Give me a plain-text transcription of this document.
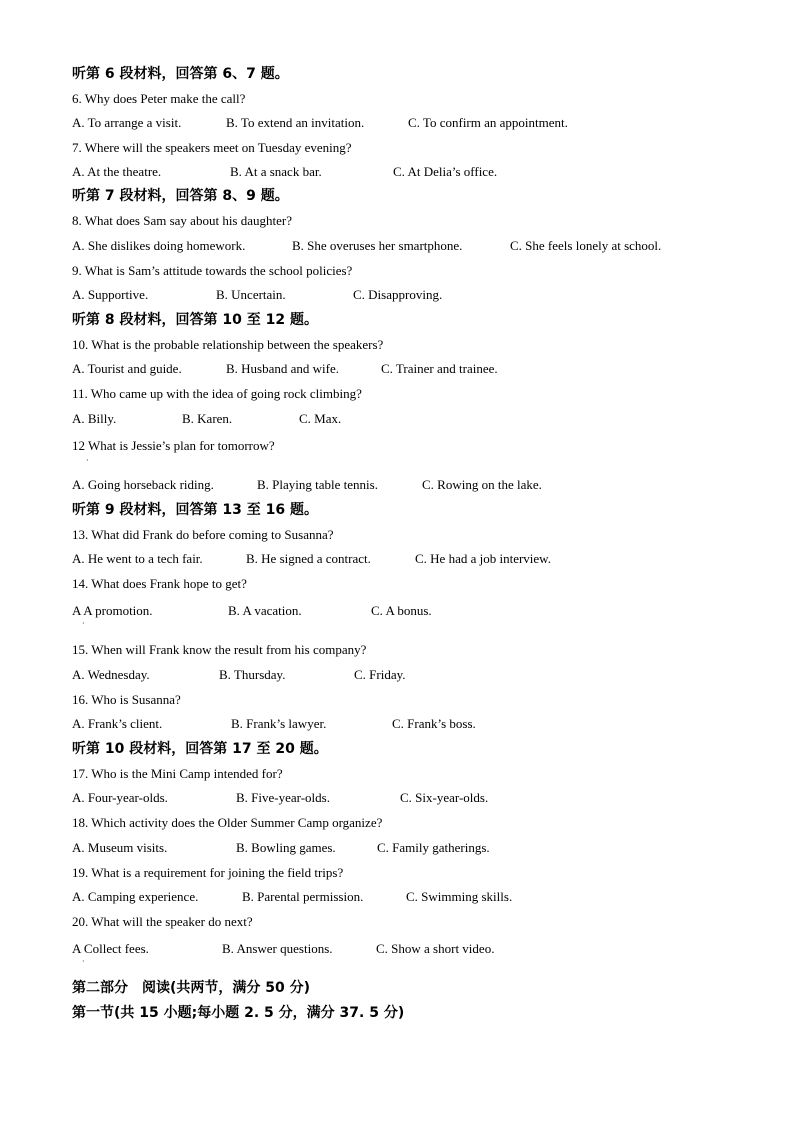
听第 6 段材料，回答第 6、7 题。
6. Why does Peter make the call?
A. To arrange a visit.	B. To extend an invitation.	C. To confirm an appointment.
7. Where will the speakers meet on Tuesday evening?
A. At the theatre.	B. At a snack bar.	C. At Delia’s office.
听第 7 段材料，回答第 8、9 题。
8. What does Sam say about his daughter?
A. She dislikes doing homework.	B. She overuses her smartphone.	C. She feels lonely at school.
9. What is Sam’s attitude towards the school policies?
A. Supportive.	B. Uncertain.	C. Disapproving.
听第 8 段材料，回答第 10 至 12 题。
10. What is the probable relationship between the speakers?
A. Tourist and guide.	B. Husband and wife.	C. Trainer and trainee.
11. Who came up with the idea of going rock climbing?
A. Billy.	B. Karen.	C. Max.
12 What is Jessie’s plan for tomorrow?
·
A. Going horseback riding.	B. Playing table tennis.	C. Rowing on the lake.
听第 9 段材料，回答第 13 至 16 题。
13. What did Frank do before coming to Susanna?
A. He went to a tech fair.	B. He signed a contract.	C. He had a job interview.
14. What does Frank hope to get?
A A promotion.
·
B. A vacation.	C. A bonus.
15. When will Frank know the result from his company?
A. Wednesday.	B. Thursday.	C. Friday.
16. Who is Susanna?
A. Frank’s client.	B. Frank’s lawyer.	C. Frank’s boss.
听第 10 段材料，回答第 17 至 20 题。
17. Who is the Mini Camp intended for?
A. Four-year-olds.	B. Five-year-olds.	C. Six-year-olds.
18. Which activity does the Older Summer Camp organize?
A. Museum visits.	B. Bowling games.	C. Family gatherings.
19. What is a requirement for joining the field trips?
A. Camping experience.	B. Parental permission.	C. Swimming skills.
20. What will the speaker do next?
A Collect fees.
·
B. Answer questions.	C. Show a short video.
第二部分　阅读(共两节，满分 50 分)
第一节(共 15 小题;每小题 2. 5 分，满分 37. 5 分)
